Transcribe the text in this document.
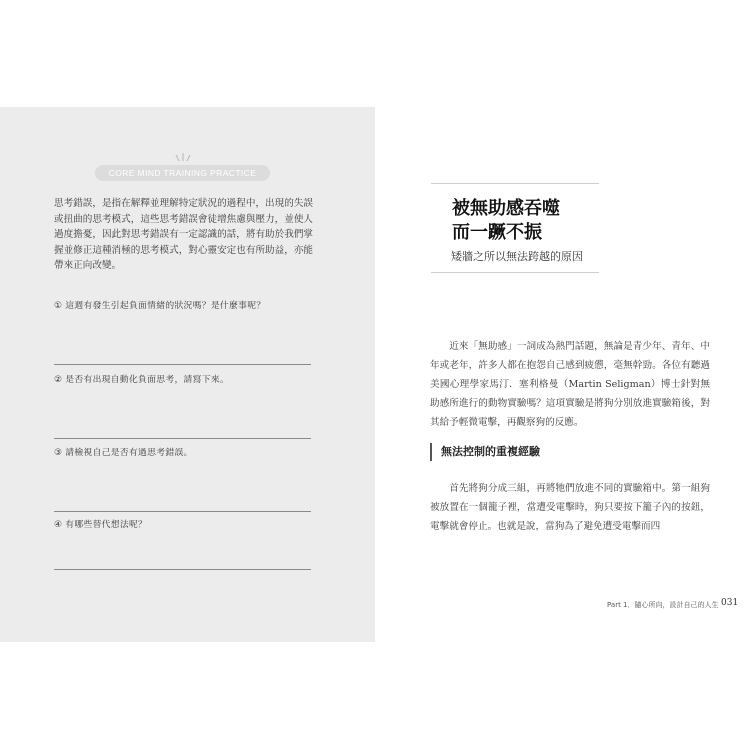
CORE MIND TRAINING PRACTICE

思考錯誤，是指在解釋並理解特定狀況的過程中，出現的失誤或扭曲的思考模式，這些思考錯誤會徒增焦慮與壓力，並使人過度擔憂，因此對思考錯誤有一定認識的話，將有助於我們掌握並修正這種消極的思考模式，對心靈安定也有所助益，亦能帶來正向改變。

① 這週有發生引起負面情緒的狀況嗎？是什麼事呢？
② 是否有出現自動化負面思考，請寫下來。
③ 請檢視自己是否有過思考錯誤。
④ 有哪些替代想法呢？
被無助感吞噬
而一蹶不振
矮牆之所以無法跨越的原因

近來「無助感」一詞成為熱門話題，無論是青少年、青年、中年或老年，許多人都在抱怨自己感到疲憊，毫無幹勁。各位有聽過美國心理學家馬汀．塞利格曼（Martin Seligman）博士針對無助感所進行的動物實驗嗎？這項實驗是將狗分別放進實驗箱後，對其給予輕微電擊，再觀察狗的反應。

無法控制的重複經驗

首先將狗分成三組，再將牠們放進不同的實驗箱中。第一組狗被放置在一個籠子裡，當遭受電擊時，狗只要按下籠子內的按鈕，電擊就會停止。也就是說，當狗為了避免遭受電擊而四

Part 1．隨心所向，設計自己的人生 031
